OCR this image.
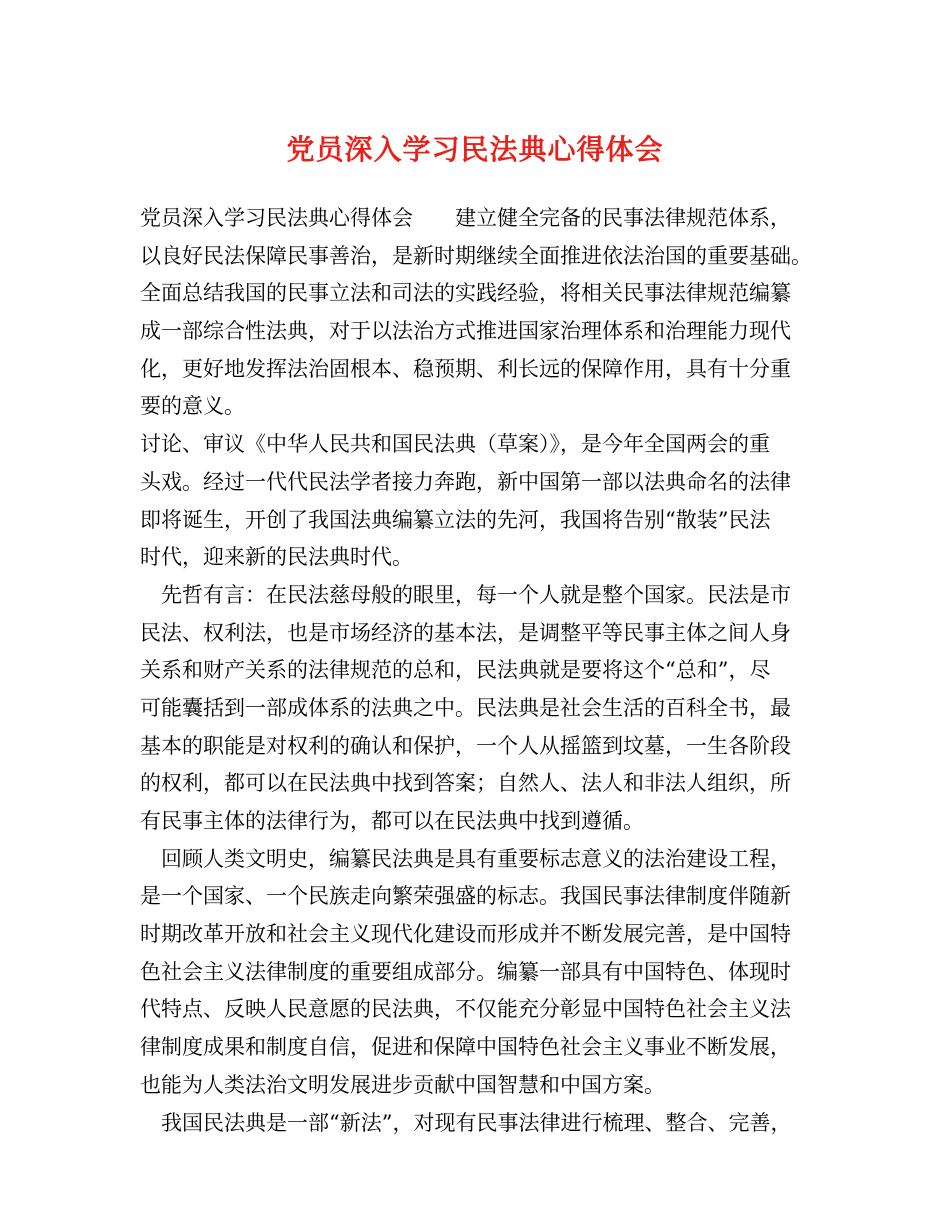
党员深入学习民法典心得体会
党员深入学习民法典心得体会　　建立健全完备的民事法律规范体系，
以良好民法保障民事善治，是新时期继续全面推进依法治国的重要基础。
全面总结我国的民事立法和司法的实践经验，将相关民事法律规范编纂
成一部综合性法典，对于以法治方式推进国家治理体系和治理能力现代
化，更好地发挥法治固根本、稳预期、利长远的保障作用，具有十分重
要的意义。
讨论、审议《中华人民共和国民法典（草案）》，是今年全国两会的重
头戏。经过一代代民法学者接力奔跑，新中国第一部以法典命名的法律
即将诞生，开创了我国法典编纂立法的先河，我国将告别“散装”民法
时代，迎来新的民法典时代。
　先哲有言：在民法慈母般的眼里，每一个人就是整个国家。民法是市
民法、权利法，也是市场经济的基本法，是调整平等民事主体之间人身
关系和财产关系的法律规范的总和，民法典就是要将这个“总和”，尽
可能囊括到一部成体系的法典之中。民法典是社会生活的百科全书，最
基本的职能是对权利的确认和保护，一个人从摇篮到坟墓，一生各阶段
的权利，都可以在民法典中找到答案；自然人、法人和非法人组织，所
有民事主体的法律行为，都可以在民法典中找到遵循。
　回顾人类文明史，编纂民法典是具有重要标志意义的法治建设工程，
是一个国家、一个民族走向繁荣强盛的标志。我国民事法律制度伴随新
时期改革开放和社会主义现代化建设而形成并不断发展完善，是中国特
色社会主义法律制度的重要组成部分。编纂一部具有中国特色、体现时
代特点、反映人民意愿的民法典，不仅能充分彰显中国特色社会主义法
律制度成果和制度自信，促进和保障中国特色社会主义事业不断发展，
也能为人类法治文明发展进步贡献中国智慧和中国方案。
　我国民法典是一部“新法”，对现有民事法律进行梳理、整合、完善，
